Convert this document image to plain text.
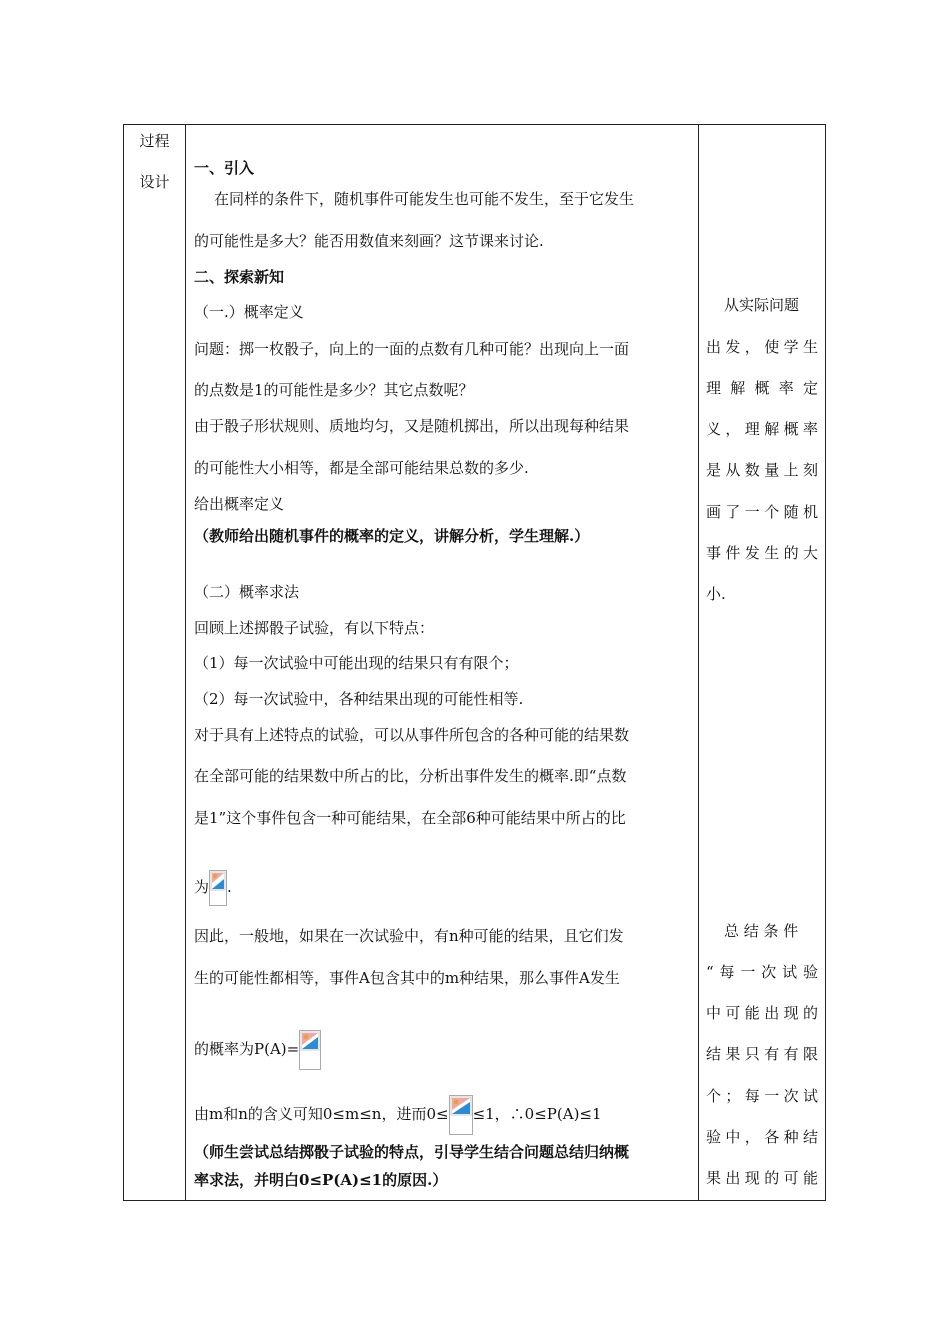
过程
设计
一、引入
在同样的条件下，随机事件可能发生也可能不发生，至于它发生
的可能性是多大？能否用数值来刻画？这节课来讨论.
二、探索新知
（一.）概率定义
问题：掷一枚骰子，向上的一面的点数有几种可能？出现向上一面
的点数是1的可能性是多少？其它点数呢？
由于骰子形状规则、质地均匀，又是随机掷出，所以出现每种结果
的可能性大小相等，都是全部可能结果总数的多少.
给出概率定义
（教师给出随机事件的概率的定义，讲解分析，学生理解.）
（二）概率求法
回顾上述掷骰子试验，有以下特点：
（1）每一次试验中可能出现的结果只有有限个；
（2）每一次试验中，各种结果出现的可能性相等.
对于具有上述特点的试验，可以从事件所包含的各种可能的结果数
在全部可能的结果数中所占的比，分析出事件发生的概率.即“点数
是1”这个事件包含一种可能结果，在全部6种可能结果中所占的比
为 .
因此，一般地，如果在一次试验中，有n种可能的结果，且它们发
生的可能性都相等，事件A包含其中的m种结果，那么事件A发生
的概率为P(A)=
由m和n的含义可知0≤m≤n，进而0≤ ≤1，∴0≤P(A)≤1
（师生尝试总结掷骰子试验的特点，引导学生结合问题总结归纳概
率求法，并明白0≤P(A)≤1的原因.）
从实际问题
出发，使学生
理解概率定
义，理解概率
是从数量上刻
画了一个随机
事件发生的大
小.
总 结 条 件
“每一次试验
中可能出现的
结果只有有限
个；每一次试
验中，各种结
果出现的可能
